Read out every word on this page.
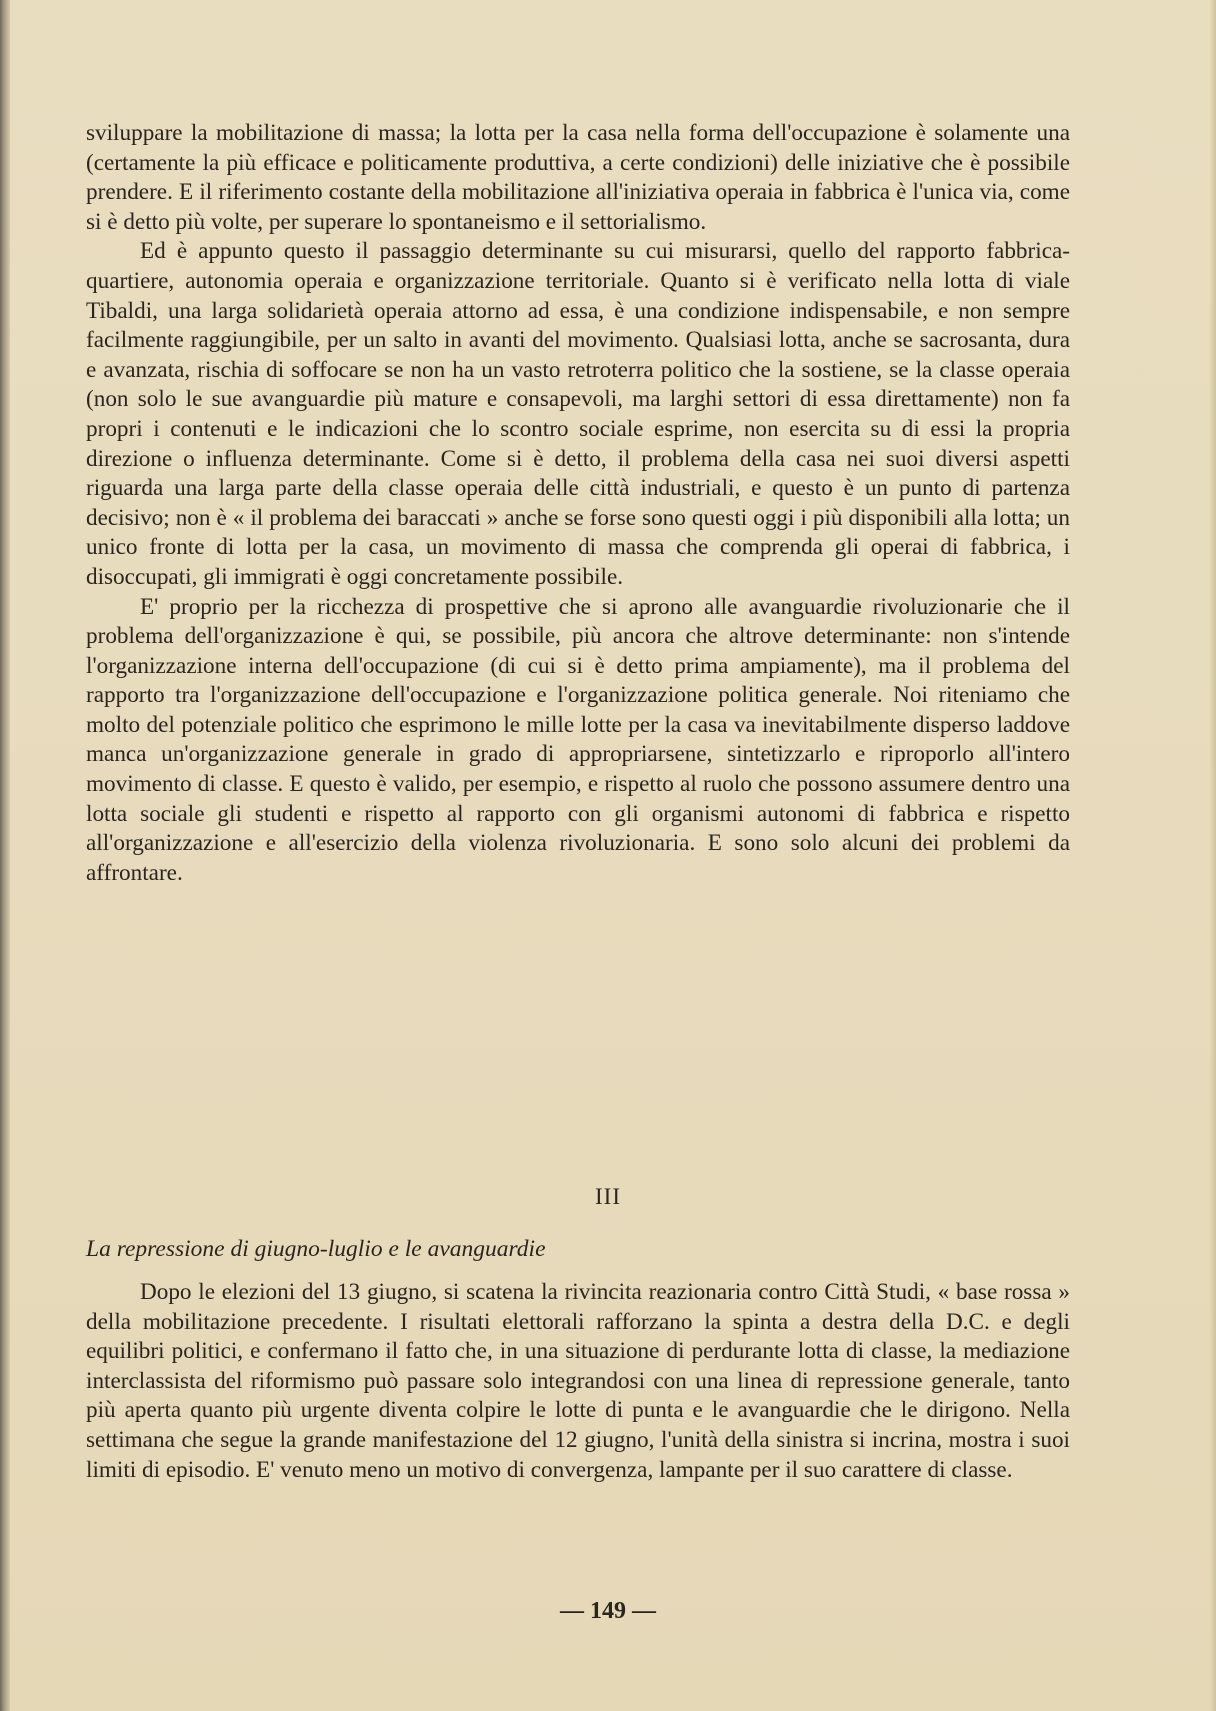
sviluppare la mobilitazione di massa; la lotta per la casa nella forma dell'occupazione è solamente una (certamente la più efficace e politicamente produttiva, a certe condizioni) delle iniziative che è possibile prendere. E il riferimento costante della mobilitazione all'iniziativa operaia in fabbrica è l'unica via, come si è detto più volte, per superare lo spontaneismo e il settorialismo.

Ed è appunto questo il passaggio determinante su cui misurarsi, quello del rapporto fabbrica-quartiere, autonomia operaia e organizzazione territoriale. Quanto si è verificato nella lotta di viale Tibaldi, una larga solidarietà operaia attorno ad essa, è una condizione indispensabile, e non sempre facilmente raggiungibile, per un salto in avanti del movimento. Qualsiasi lotta, anche se sacrosanta, dura e avanzata, rischia di soffocare se non ha un vasto retroterra politico che la sostiene, se la classe operaia (non solo le sue avanguardie più mature e consapevoli, ma larghi settori di essa direttamente) non fa propri i contenuti e le indicazioni che lo scontro sociale esprime, non esercita su di essi la propria direzione o influenza determinante. Come si è detto, il problema della casa nei suoi diversi aspetti riguarda una larga parte della classe operaia delle città industriali, e questo è un punto di partenza decisivo; non è « il problema dei baraccati » anche se forse sono questi oggi i più disponibili alla lotta; un unico fronte di lotta per la casa, un movimento di massa che comprenda gli operai di fabbrica, i disoccupati, gli immigrati è oggi concretamente possibile.

E' proprio per la ricchezza di prospettive che si aprono alle avanguardie rivoluzionarie che il problema dell'organizzazione è qui, se possibile, più ancora che altrove determinante: non s'intende l'organizzazione interna dell'occupazione (di cui si è detto prima ampiamente), ma il problema del rapporto tra l'organizzazione dell'occupazione e l'organizzazione politica generale. Noi riteniamo che molto del potenziale politico che esprimono le mille lotte per la casa va inevitabilmente disperso laddove manca un'organizzazione generale in grado di appropriarsene, sintetizzarlo e riproporlo all'intero movimento di classe. E questo è valido, per esempio, e rispetto al ruolo che possono assumere dentro una lotta sociale gli studenti e rispetto al rapporto con gli organismi autonomi di fabbrica e rispetto all'organizzazione e all'esercizio della violenza rivoluzionaria. E sono solo alcuni dei problemi da affrontare.

III
La repressione di giugno-luglio e le avanguardie

Dopo le elezioni del 13 giugno, si scatena la rivincita reazionaria contro Città Studi, « base rossa » della mobilitazione precedente. I risultati elettorali rafforzano la spinta a destra della D.C. e degli equilibri politici, e confermano il fatto che, in una situazione di perdurante lotta di classe, la mediazione interclassista del riformismo può passare solo integrandosi con una linea di repressione generale, tanto più aperta quanto più urgente diventa colpire le lotte di punta e le avanguardie che le dirigono. Nella settimana che segue la grande manifestazione del 12 giugno, l'unità della sinistra si incrina, mostra i suoi limiti di episodio. E' venuto meno un motivo di convergenza, lampante per il suo carattere di classe.

— 149 —
